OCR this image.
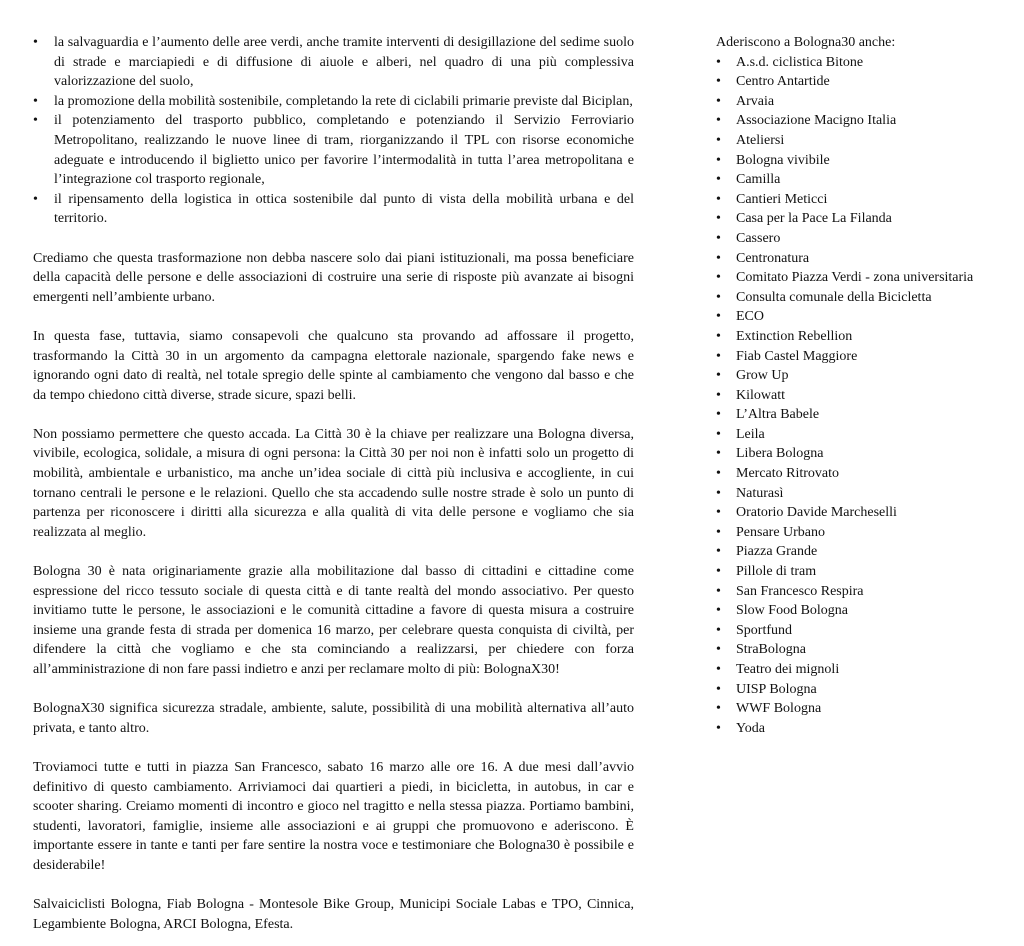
• la salvaguardia e l’aumento delle aree verdi, anche tramite interventi di desigillazione del sedime suolo di strade e marciapiedi e di diffusione di aiuole e alberi, nel quadro di una più complessiva valorizzazione del suolo,
• la promozione della mobilità sostenibile, completando la rete di ciclabili primarie previste dal Biciplan,
• il potenziamento del trasporto pubblico, completando e potenziando il Servizio Ferroviario Metropolitano, realizzando le nuove linee di tram, riorganizzando il TPL con risorse economiche adeguate e introducendo il biglietto unico per favorire l’intermodalità in tutta l’area metropolitana e l’integrazione col trasporto regionale,
• il ripensamento della logistica in ottica sostenibile dal punto di vista della mobilità urbana e del territorio.

Crediamo che questa trasformazione non debba nascere solo dai piani istituzionali, ma possa beneficiare della capacità delle persone e delle associazioni di costruire una serie di risposte più avanzate ai bisogni emergenti nell’ambiente urbano.

In questa fase, tuttavia, siamo consapevoli che qualcuno sta provando ad affossare il progetto, trasformando la Città 30 in un argomento da campagna elettorale nazionale, spargendo fake news e ignorando ogni dato di realtà, nel totale spregio delle spinte al cambiamento che vengono dal basso e che da tempo chiedono città diverse, strade sicure, spazi belli.

Non possiamo permettere che questo accada. La Città 30 è la chiave per realizzare una Bologna diversa, vivibile, ecologica, solidale, a misura di ogni persona: la Città 30 per noi non è infatti solo un progetto di mobilità, ambientale e urbanistico, ma anche un’idea sociale di città più inclusiva e accogliente, in cui tornano centrali le persone e le relazioni. Quello che sta accadendo sulle nostre strade è solo un punto di partenza per riconoscere i diritti alla sicurezza e alla qualità di vita delle persone e vogliamo che sia realizzata al meglio.

Bologna 30 è nata originariamente grazie alla mobilitazione dal basso di cittadini e cittadine come espressione del ricco tessuto sociale di questa città e di tante realtà del mondo associativo. Per questo invitiamo tutte le persone, le associazioni e le comunità cittadine a favore di questa misura a costruire insieme una grande festa di strada per domenica 16 marzo, per celebrare questa conquista di civiltà, per difendere la città che vogliamo e che sta cominciando a realizzarsi, per chiedere con forza all’amministrazione di non fare passi indietro e anzi per reclamare molto di più: BolognaX30!

BolognaX30 significa sicurezza stradale, ambiente, salute, possibilità di una mobilità alternativa all’auto privata, e tanto altro.

Troviamoci tutte e tutti in piazza San Francesco, sabato 16 marzo alle ore 16. A due mesi dall’avvio definitivo di questo cambiamento. Arriviamoci dai quartieri a piedi, in bicicletta, in autobus, in car e scooter sharing. Creiamo momenti di incontro e gioco nel tragitto e nella stessa piazza. Portiamo bambini, studenti, lavoratori, famiglie, insieme alle associazioni e ai gruppi che promuovono e aderiscono. È importante essere in tante e tanti per fare sentire la nostra voce e testimoniare che Bologna30 è possibile e desiderabile!

Salvaiciclisti Bologna, Fiab Bologna - Montesole Bike Group, Municipi Sociale Labas e TPO, Cinnica, Legambiente Bologna, ARCI Bologna, Efesta.

Aderiscono a Bologna30 anche:
• A.s.d. ciclistica Bitone
• Centro Antartide
• Arvaia
• Associazione Macigno Italia
• Ateliersi
• Bologna vivibile
• Camilla
• Cantieri Meticci
• Casa per la Pace La Filanda
• Cassero
• Centronatura
• Comitato Piazza Verdi - zona universitaria
• Consulta comunale della Bicicletta
• ECO
• Extinction Rebellion
• Fiab Castel Maggiore
• Grow Up
• Kilowatt
• L’Altra Babele
• Leila
• Libera Bologna
• Mercato Ritrovato
• Naturasì
• Oratorio Davide Marcheselli
• Pensare Urbano
• Piazza Grande
• Pillole di tram
• San Francesco Respira
• Slow Food Bologna
• Sportfund
• StraBologna
• Teatro dei mignoli
• UISP Bologna
• WWF Bologna
• Yoda
